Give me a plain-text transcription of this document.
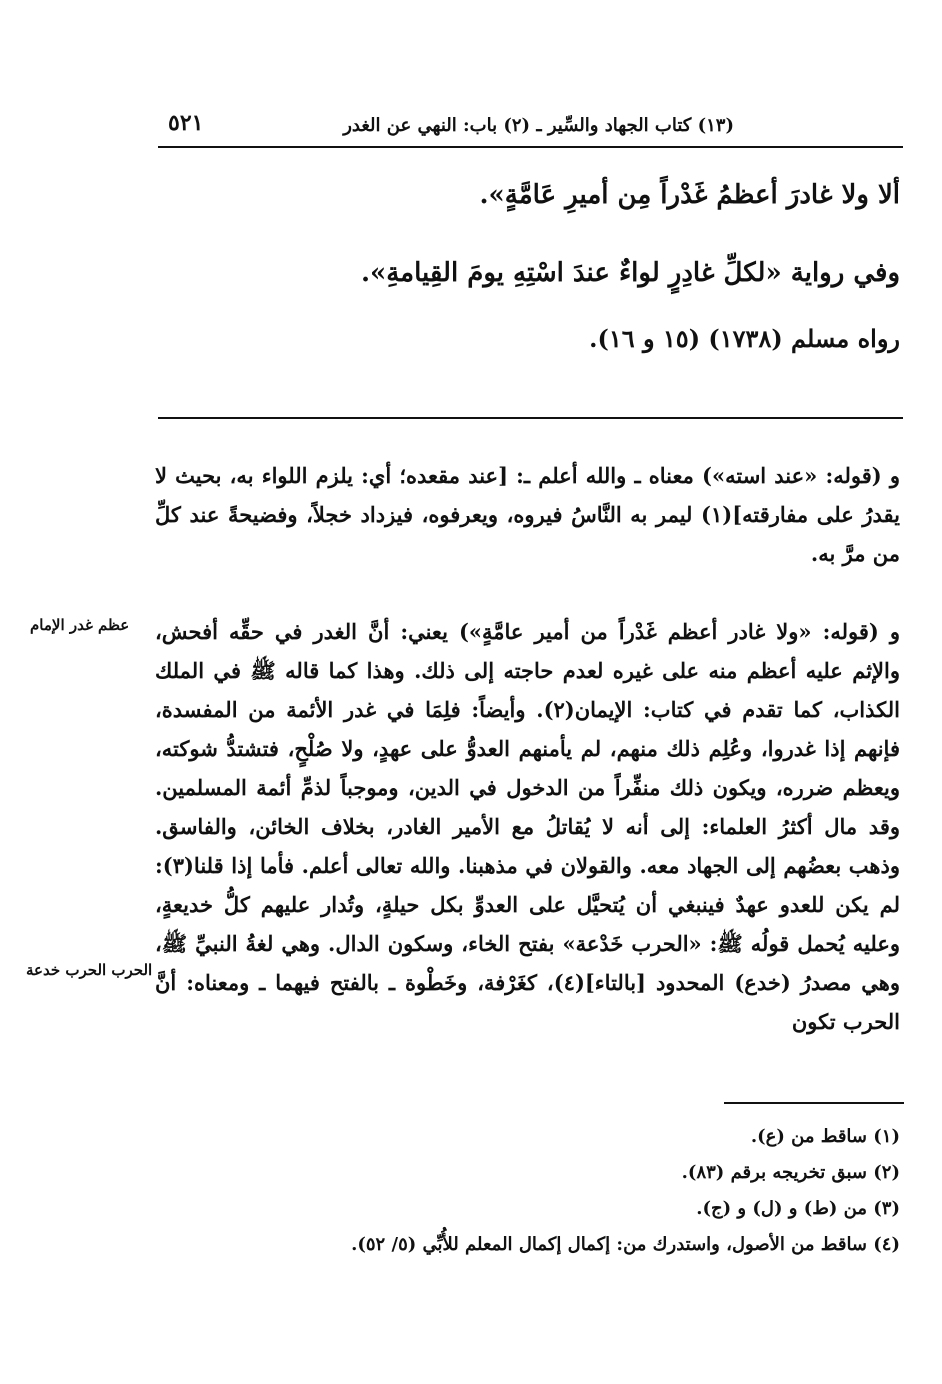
٥٢١	(١٣) كتاب الجهاد والسِّير ـ (٢) باب: النهي عن الغدر
ألا ولا غادرَ أعظمُ غَدْراً مِن أميرِ عَامَّةٍ».
وفي رواية «لكلِّ غادِرٍ لواءٌ عندَ اسْتِهِ يومَ القِيامةِ».
رواه مسلم (١٧٣٨) (١٥ و ١٦).
و (قوله: «عند استه») معناه ـ والله أعلم ـ: [عند مقعده؛ أي: يلزم اللواء به، بحيث لا يقدرُ على مفارقته](١) ليمر به النَّاسُ فيروه، ويعرفوه، فيزداد خجلاً، وفضيحةً عند كلِّ من مرَّ به.
و (قوله: «ولا غادر أعظم غَدْراً من أمير عامَّةٍ») يعني: أنَّ الغدر في حقِّه أفحش، والإثم عليه أعظم منه على غيره لعدم حاجته إلى ذلك. وهذا كما قاله ﷺ في الملك الكذاب، كما تقدم في كتاب: الإيمان(٢). وأيضاً: فلِمَا في غدر الأئمة من المفسدة، فإنهم إذا غدروا، وعُلِم ذلك منهم، لم يأمنهم العدوُّ على عهدٍ، ولا صُلْحٍ، فتشتدُّ شوكته، ويعظم ضرره، ويكون ذلك منفِّراً من الدخول في الدين، وموجباً لذمِّ أئمة المسلمين. وقد مال أكثرُ العلماء: إلى أنه لا يُقاتلُ مع الأمير الغادر، بخلاف الخائن، والفاسق. وذهب بعضُهم إلى الجهاد معه. والقولان في مذهبنا. والله تعالى أعلم. فأما إذا قلنا(٣): لم يكن للعدو عهدٌ فينبغي أن يُتحيَّل على العدوِّ بكل حيلةٍ، وتُدار عليهم كلُّ خديعةٍ، وعليه يُحمل قولُه ﷺ: «الحرب خَدْعة» بفتح الخاء، وسكون الدال. وهي لغةُ النبيِّ ﷺ، وهي مصدرُ (خدع) المحدود [بالتاء](٤)، كغَرْفة، وخَطْوة ـ بالفتح فيهما ـ ومعناه: أنَّ الحرب تكون
عظم غدر الإمام
الحرب الحرب خدعة
(١) ساقط من (ع).
(٢) سبق تخريجه برقم (٨٣).
(٣) من (ط) و (ل) و (ج).
(٤) ساقط من الأصول، واستدرك من: إكمال إكمال المعلم للأُبِّي (٥/ ٥٢).
